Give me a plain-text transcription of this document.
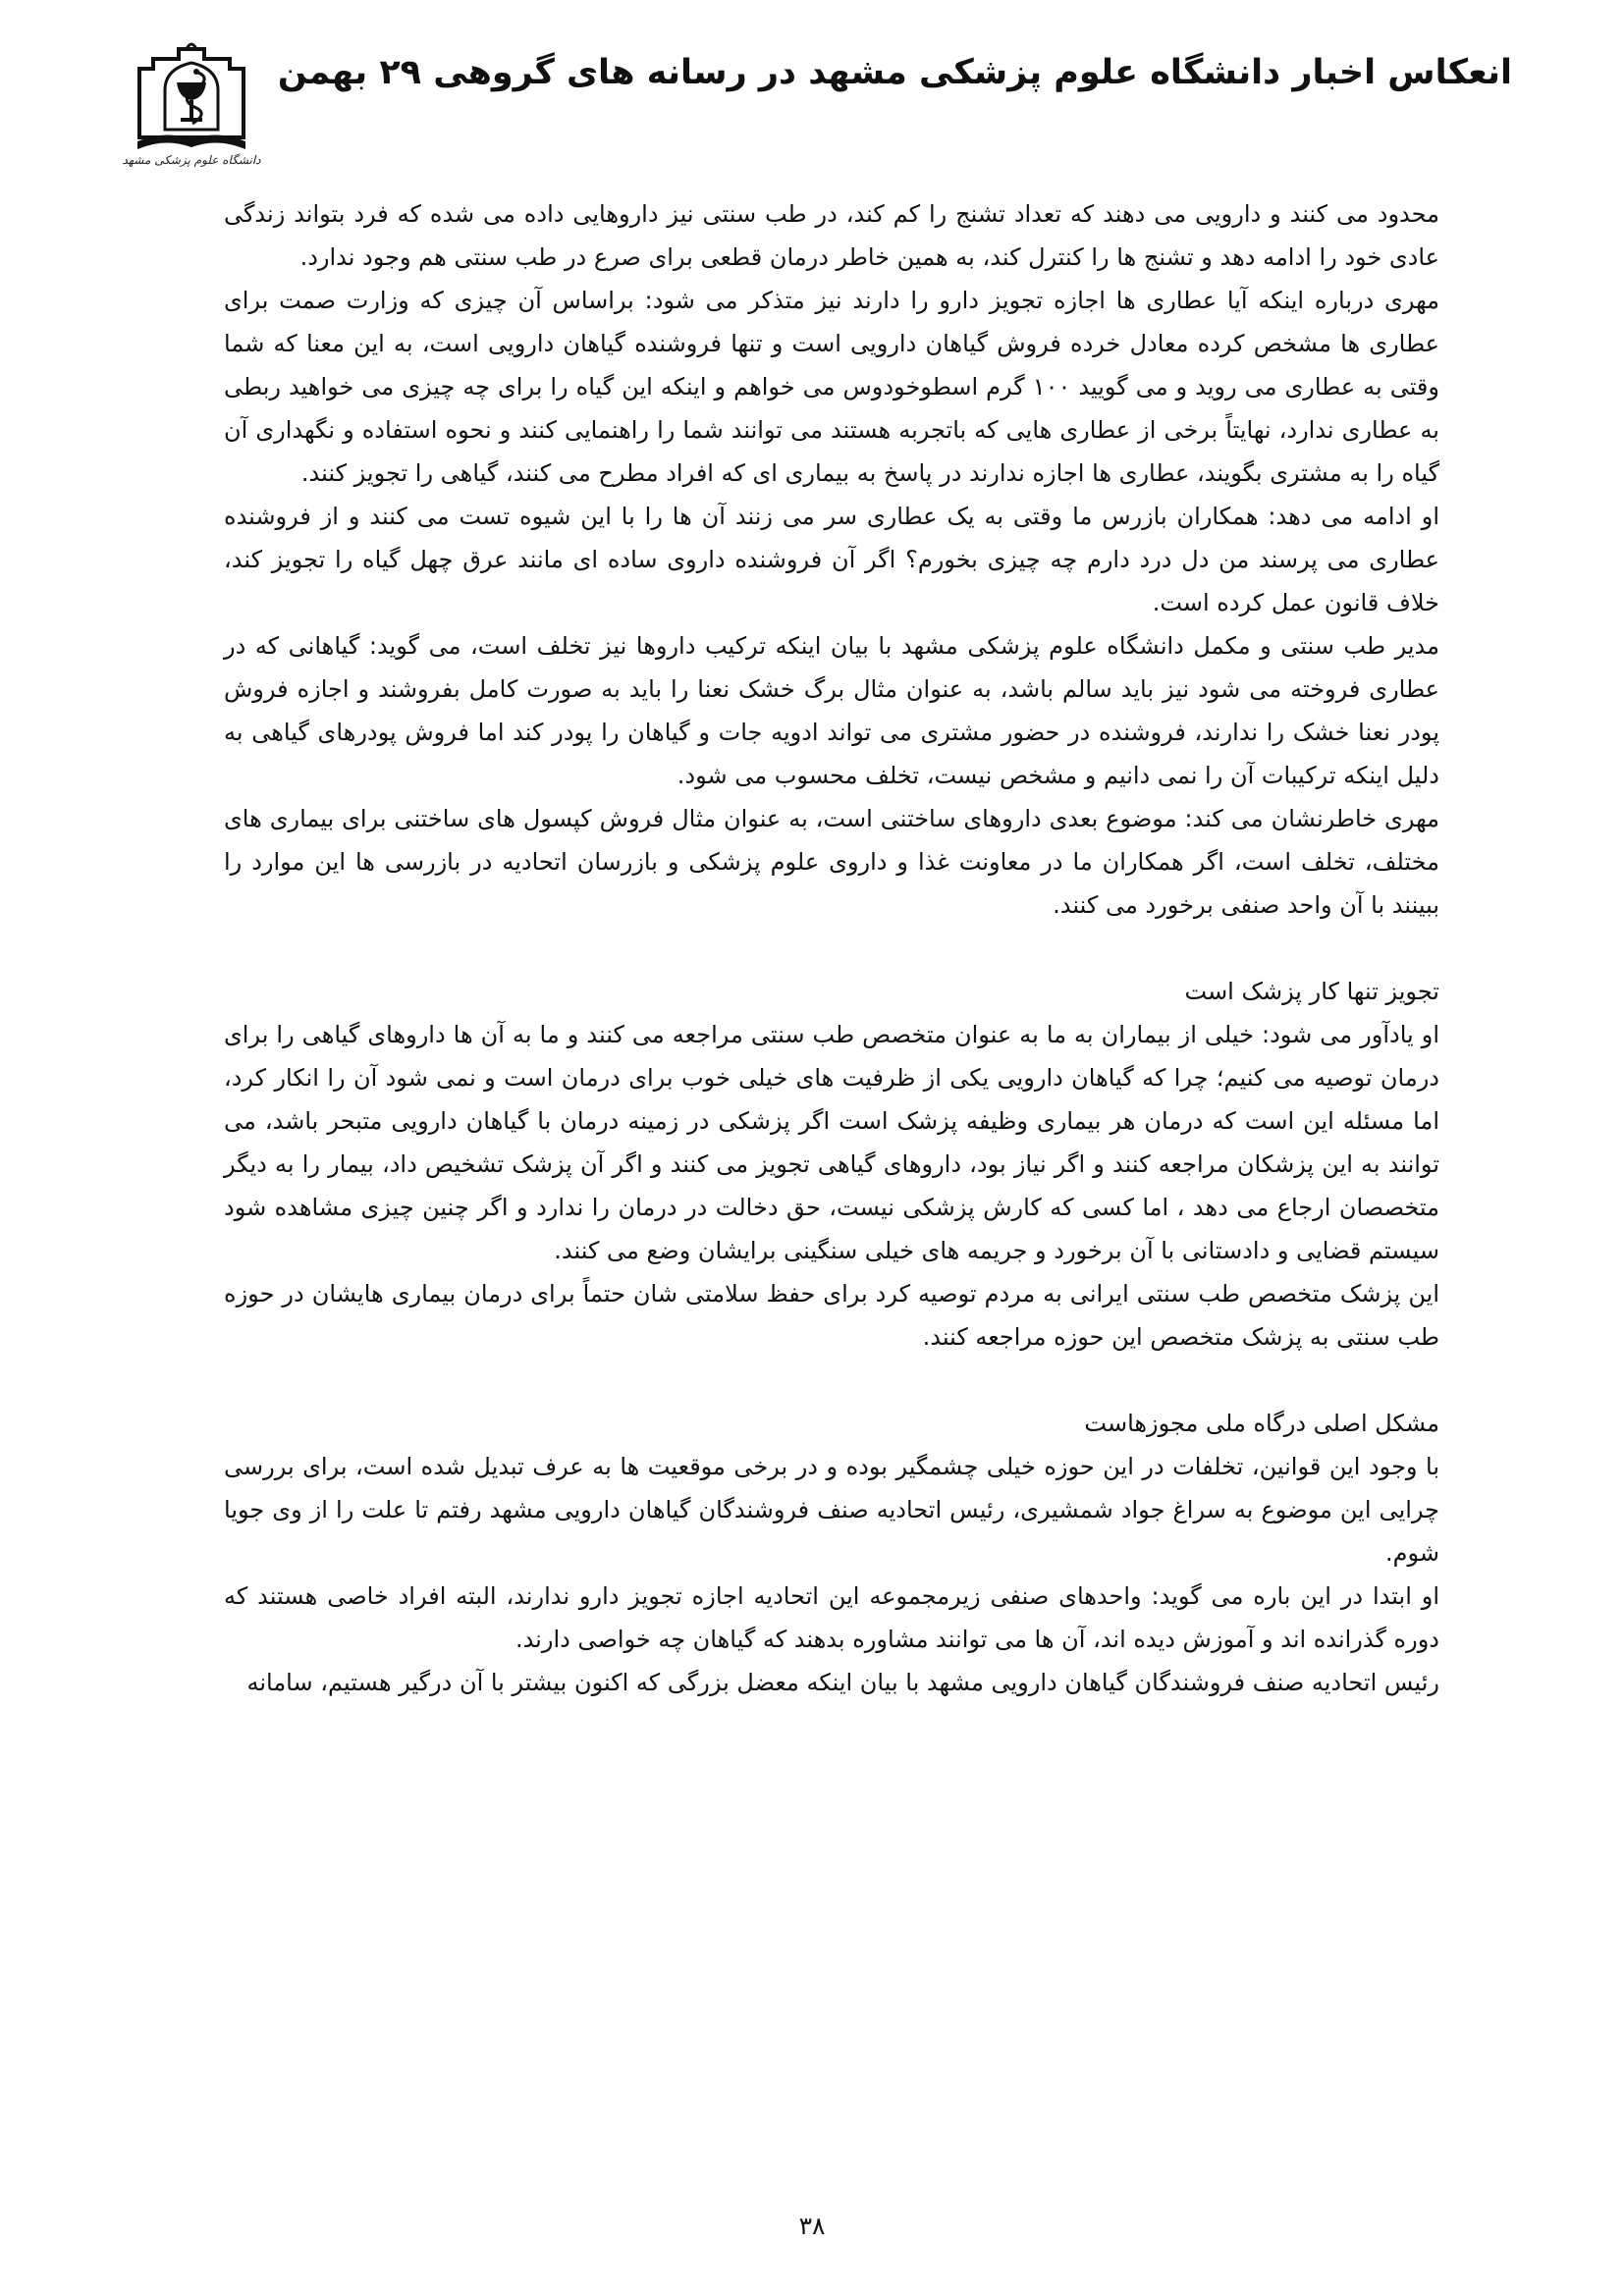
انعکاس اخبار دانشگاه علوم پزشکی مشهد در رسانه های گروهی ۲۹ بهمن
دانشگاه علوم پزشکی مشهد

محدود می کنند و دارویی می دهند که تعداد تشنج را کم کند، در طب سنتی نیز داروهایی داده می شده که فرد بتواند زندگی عادی خود را ادامه دهد و تشنج ها را کنترل کند، به همین خاطر درمان قطعی برای صرع در طب سنتی هم وجود ندارد.

مهری درباره اینکه آیا عطاری ها اجازه تجویز دارو را دارند نیز متذکر می شود: براساس آن چیزی که وزارت صمت برای عطاری ها مشخص کرده معادل خرده فروش گیاهان دارویی است و تنها فروشنده گیاهان دارویی است، به این معنا که شما وقتی به عطاری می روید و می گویید ۱۰۰ گرم اسطوخودوس می خواهم و اینکه این گیاه را برای چه چیزی می خواهید ربطی به عطاری ندارد، نهایتاً برخی از عطاری هایی که باتجربه هستند می توانند شما را راهنمایی کنند و نحوه استفاده و نگهداری آن گیاه را به مشتری بگویند، عطاری ها اجازه ندارند در پاسخ به بیماری ای که افراد مطرح می کنند، گیاهی را تجویز کنند.

او ادامه می دهد: همکاران بازرس ما وقتی به یک عطاری سر می زنند آن ها را با این شیوه تست می کنند و از فروشنده عطاری می پرسند من دل درد دارم چه چیزی بخورم؟ اگر آن فروشنده داروی ساده ای مانند عرق چهل گیاه را تجویز کند، خلاف قانون عمل کرده است.

مدیر طب سنتی و مکمل دانشگاه علوم پزشکی مشهد با بیان اینکه ترکیب داروها نیز تخلف است، می گوید: گیاهانی که در عطاری فروخته می شود نیز باید سالم باشد، به عنوان مثال برگ خشک نعنا را باید به صورت کامل بفروشند و اجازه فروش پودر نعنا خشک را ندارند، فروشنده در حضور مشتری می تواند ادویه جات و گیاهان را پودر کند اما فروش پودرهای گیاهی به دلیل اینکه ترکیبات آن را نمی دانیم و مشخص نیست، تخلف محسوب می شود.

مهری خاطرنشان می کند: موضوع بعدی داروهای ساختنی است، به عنوان مثال فروش کپسول های ساختنی برای بیماری های مختلف، تخلف است، اگر همکاران ما در معاونت غذا و داروی علوم پزشکی و بازرسان اتحادیه در بازرسی ها این موارد را ببینند با آن واحد صنفی برخورد می کنند.

تجویز تنها کار پزشک است

او یادآور می شود: خیلی از بیماران به ما به عنوان متخصص طب سنتی مراجعه می کنند و ما به آن ها داروهای گیاهی را برای درمان توصیه می کنیم؛ چرا که گیاهان دارویی یکی از ظرفیت های خیلی خوب برای درمان است و نمی شود آن را انکار کرد، اما مسئله این است که درمان هر بیماری وظیفه پزشک است اگر پزشکی در زمینه درمان با گیاهان دارویی متبحر باشد، می توانند به این پزشکان مراجعه کنند و اگر نیاز بود، داروهای گیاهی تجویز می کنند و اگر آن پزشک تشخیص داد، بیمار را به دیگر متخصصان ارجاع می دهد ، اما کسی که کارش پزشکی نیست، حق دخالت در درمان را ندارد و اگر چنین چیزی مشاهده شود سیستم قضایی و دادستانی با آن برخورد و جریمه های خیلی سنگینی برایشان وضع می کنند.

این پزشک متخصص طب سنتی ایرانی به مردم توصیه کرد برای حفظ سلامتی شان حتماً برای درمان بیماری هایشان در حوزه طب سنتی به پزشک متخصص این حوزه مراجعه کنند.

مشکل اصلی درگاه ملی مجوزهاست

با وجود این قوانین، تخلفات در این حوزه خیلی چشمگیر بوده و در برخی موقعیت ها به عرف تبدیل شده است، برای بررسی چرایی این موضوع به سراغ جواد شمشیری، رئیس اتحادیه صنف فروشندگان گیاهان دارویی مشهد رفتم تا علت را از وی جویا شوم.

او ابتدا در این باره می گوید: واحدهای صنفی زیرمجموعه این اتحادیه اجازه تجویز دارو ندارند، البته افراد خاصی هستند که دوره گذرانده اند و آموزش دیده اند، آن ها می توانند مشاوره بدهند که گیاهان چه خواصی دارند.

رئیس اتحادیه صنف فروشندگان گیاهان دارویی مشهد با بیان اینکه معضل بزرگی که اکنون بیشتر با آن درگیر هستیم، سامانه

۳۸
